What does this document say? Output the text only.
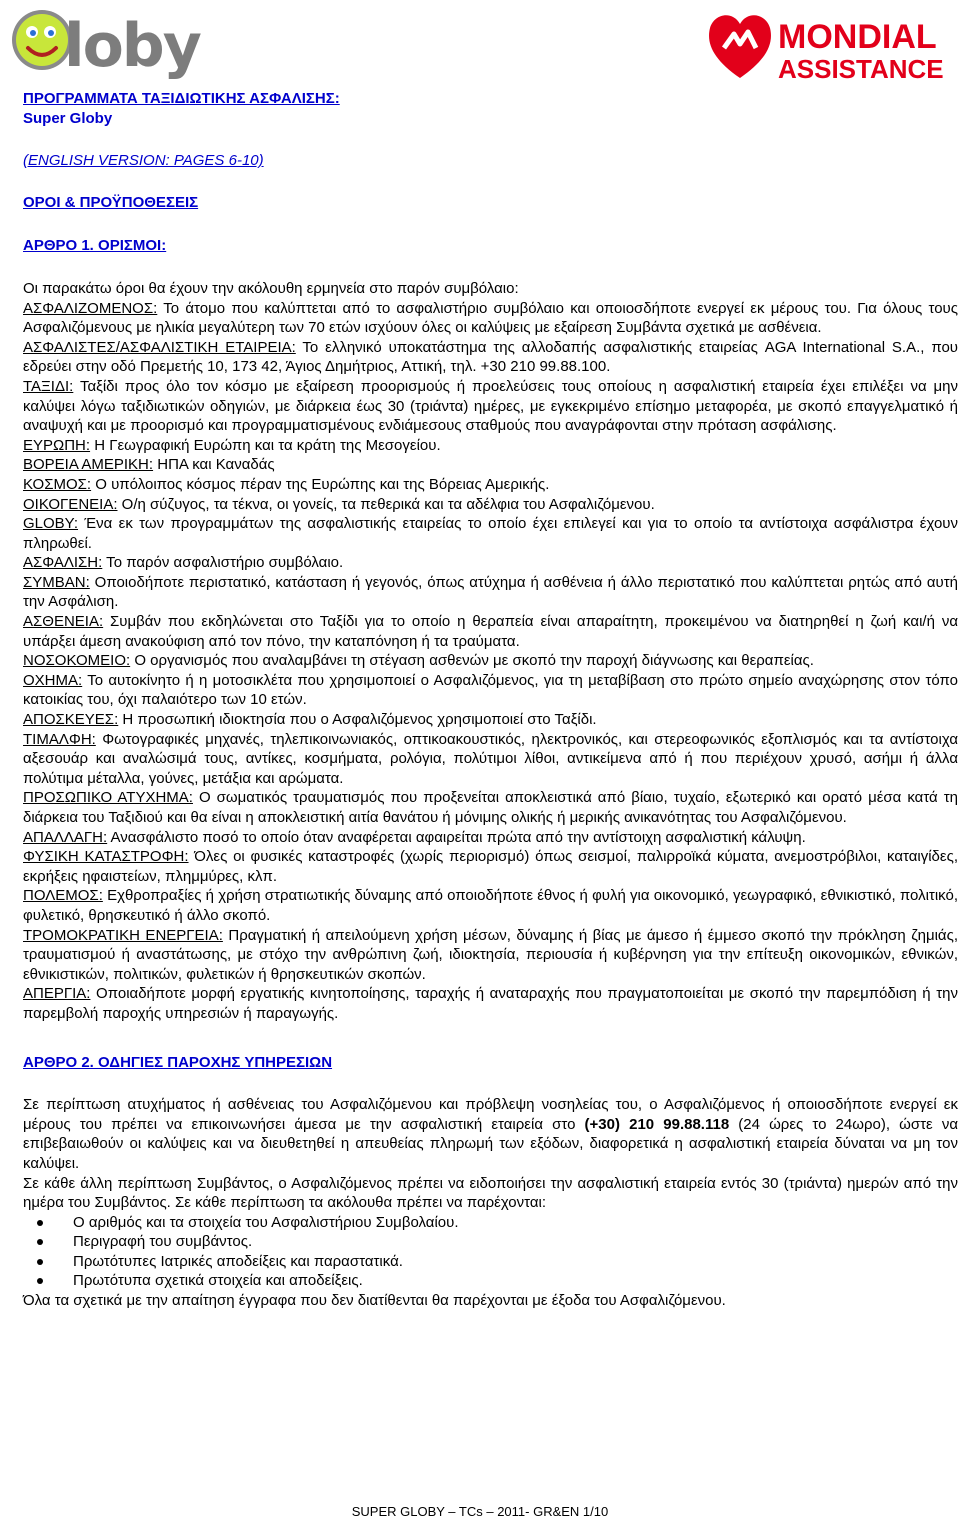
loby	MONDIAL
ASSISTANCE

ΠΡΟΓΡΑΜΜΑΤΑ ΤΑΞΙΔΙΩΤΙΚΗΣ ΑΣΦΑΛΙΣΗΣ:

Super Globy

(ENGLISH VERSION: PAGES 6-10)

ΟΡΟΙ & ΠΡΟΫΠΟΘΕΣΕΙΣ

ΑΡΘΡΟ 1. ΟΡΙΣΜΟΙ:

Οι παρακάτω όροι θα έχουν την ακόλουθη ερμηνεία στο παρόν συμβόλαιο:

ΑΣΦΑΛΙΖΟΜΕΝΟΣ: Το άτομο που καλύπτεται από το ασφαλιστήριο συμβόλαιο και οποιοσδήποτε ενεργεί εκ μέρους του. Για όλους τους Ασφαλιζόμενους με ηλικία μεγαλύτερη των 70 ετών ισχύουν όλες οι καλύψεις με εξαίρεση Συμβάντα σχετικά με ασθένεια.

ΑΣΦΑΛΙΣΤΕΣ/ΑΣΦΑΛΙΣΤΙΚΗ ΕΤΑΙΡΕΙΑ: Το ελληνικό υποκατάστημα της αλλοδαπής ασφαλιστικής εταιρείας AGA International S.A., που εδρεύει στην οδό Πρεμετής 10, 173 42, Άγιος Δημήτριος, Αττική, τηλ. +30 210 99.88.100.

ΤΑΞΙΔΙ: Ταξίδι προς όλο τον κόσμο με εξαίρεση προορισμούς ή προελεύσεις τους οποίους η ασφαλιστική εταιρεία έχει επιλέξει να μην καλύψει λόγω ταξιδιωτικών οδηγιών, με διάρκεια έως 30 (τριάντα) ημέρες, με εγκεκριμένο επίσημο μεταφορέα, με σκοπό επαγγελματικό ή αναψυχή και με προορισμό και προγραμματισμένους ενδιάμεσους σταθμούς που αναγράφονται στην πρόταση ασφάλισης.

ΕΥΡΩΠΗ: Η Γεωγραφική Ευρώπη και τα κράτη της Μεσογείου.

ΒΟΡΕΙΑ ΑΜΕΡΙΚΗ: ΗΠΑ και Καναδάς

ΚΟΣΜΟΣ: Ο υπόλοιπος κόσμος πέραν της Ευρώπης και της Βόρειας Αμερικής.

ΟΙΚΟΓΕΝΕΙΑ: Ο/η σύζυγος, τα τέκνα, οι γονείς, τα πεθερικά και τα αδέλφια του Ασφαλιζόμενου.

GLOBY: Ένα εκ των προγραμμάτων της ασφαλιστικής εταιρείας το οποίο έχει επιλεγεί και για το οποίο τα αντίστοιχα ασφάλιστρα έχουν πληρωθεί.

ΑΣΦΑΛΙΣΗ: Το παρόν ασφαλιστήριο συμβόλαιο.

ΣΥΜΒΑΝ: Οποιοδήποτε περιστατικό, κατάσταση ή γεγονός, όπως ατύχημα ή ασθένεια ή άλλο περιστατικό που καλύπτεται ρητώς από αυτή την Ασφάλιση.

ΑΣΘΕΝΕΙΑ: Συμβάν που εκδηλώνεται στο Ταξίδι για το οποίο η θεραπεία είναι απαραίτητη, προκειμένου να διατηρηθεί η ζωή και/ή να υπάρξει άμεση ανακούφιση από τον πόνο, την καταπόνηση ή τα τραύματα.

ΝΟΣΟΚΟΜΕΙΟ: Ο οργανισμός που αναλαμβάνει τη στέγαση ασθενών με σκοπό την παροχή διάγνωσης και θεραπείας.

ΟΧΗΜΑ: Το αυτοκίνητο ή η μοτοσικλέτα που χρησιμοποιεί ο Ασφαλιζόμενος, για τη μεταβίβαση στο πρώτο σημείο αναχώρησης στον τόπο κατοικίας του, όχι παλαιότερο των 10 ετών.

ΑΠΟΣΚΕΥΕΣ: Η προσωπική ιδιοκτησία που ο Ασφαλιζόμενος χρησιμοποιεί στο Ταξίδι.

ΤΙΜΑΛΦΗ: Φωτογραφικές μηχανές, τηλεπικοινωνιακός, οπτικοακουστικός, ηλεκτρονικός, και στερεοφωνικός εξοπλισμός και τα αντίστοιχα αξεσουάρ και αναλώσιμά τους, αντίκες, κοσμήματα, ρολόγια, πολύτιμοι λίθοι, αντικείμενα από ή που περιέχουν χρυσό, ασήμι ή άλλα πολύτιμα μέταλλα, γούνες, μετάξια και αρώματα.

ΠΡΟΣΩΠΙΚΟ ΑΤΥΧΗΜΑ: Ο σωματικός τραυματισμός που προξενείται αποκλειστικά από βίαιο, τυχαίο, εξωτερικό και ορατό μέσα κατά τη διάρκεια του Ταξιδιού και θα είναι η αποκλειστική αιτία θανάτου ή μόνιμης ολικής ή μερικής ανικανότητας του Ασφαλιζόμενου.

ΑΠΑΛΛΑΓΗ: Ανασφάλιστο ποσό το οποίο όταν αναφέρεται αφαιρείται πρώτα από την αντίστοιχη ασφαλιστική κάλυψη.

ΦΥΣΙΚΗ ΚΑΤΑΣΤΡΟΦΗ: Όλες οι φυσικές καταστροφές (χωρίς περιορισμό) όπως σεισμοί, παλιρροϊκά κύματα, ανεμοστρόβιλοι, καταιγίδες, εκρήξεις ηφαιστείων, πλημμύρες, κλπ.

ΠΟΛΕΜΟΣ: Εχθροπραξίες ή χρήση στρατιωτικής δύναμης από οποιοδήποτε έθνος ή φυλή για οικονομικό, γεωγραφικό, εθνικιστικό, πολιτικό, φυλετικό, θρησκευτικό ή άλλο σκοπό.

ΤΡΟΜΟΚΡΑΤΙΚΗ ΕΝΕΡΓΕΙΑ: Πραγματική ή απειλούμενη χρήση μέσων, δύναμης ή βίας με άμεσο ή έμμεσο σκοπό την πρόκληση ζημιάς, τραυματισμού ή αναστάτωσης, με στόχο την ανθρώπινη ζωή, ιδιοκτησία, περιουσία ή κυβέρνηση για την επίτευξη οικονομικών, εθνικών, εθνικιστικών, πολιτικών, φυλετικών ή θρησκευτικών σκοπών.

ΑΠΕΡΓΙΑ: Οποιαδήποτε μορφή εργατικής κινητοποίησης, ταραχής ή αναταραχής που πραγματοποιείται με σκοπό την παρεμπόδιση ή την παρεμβολή παροχής υπηρεσιών ή παραγωγής.

ΑΡΘΡΟ 2. ΟΔΗΓΙΕΣ ΠΑΡΟΧΗΣ ΥΠΗΡΕΣΙΩΝ

Σε περίπτωση ατυχήματος ή ασθένειας του Ασφαλιζόμενου και πρόβλεψη νοσηλείας του, ο Ασφαλιζόμενος ή οποιοσδήποτε ενεργεί εκ μέρους του πρέπει να επικοινωνήσει άμεσα με την ασφαλιστική εταιρεία στο (+30) 210 99.88.118 (24 ώρες το 24ωρο), ώστε να επιβεβαιωθούν οι καλύψεις και να διευθετηθεί η απευθείας πληρωμή των εξόδων, διαφορετικά η ασφαλιστική εταιρεία δύναται να μη τον καλύψει.

Σε κάθε άλλη περίπτωση Συμβάντος, ο Ασφαλιζόμενος πρέπει να ειδοποιήσει την ασφαλιστική εταιρεία εντός 30 (τριάντα) ημερών από την ημέρα του Συμβάντος. Σε κάθε περίπτωση τα ακόλουθα πρέπει να παρέχονται:

Ο αριθμός και τα στοιχεία του Ασφαλιστήριου Συμβολαίου.
Περιγραφή του συμβάντος.
Πρωτότυπες Ιατρικές αποδείξεις και παραστατικά.
Πρωτότυπα σχετικά στοιχεία και αποδείξεις.

Όλα τα σχετικά με την απαίτηση έγγραφα που δεν διατίθενται θα παρέχονται με έξοδα του Ασφαλιζόμενου.

SUPER GLOBY – TCs – 2011- GR&EN 1/10
